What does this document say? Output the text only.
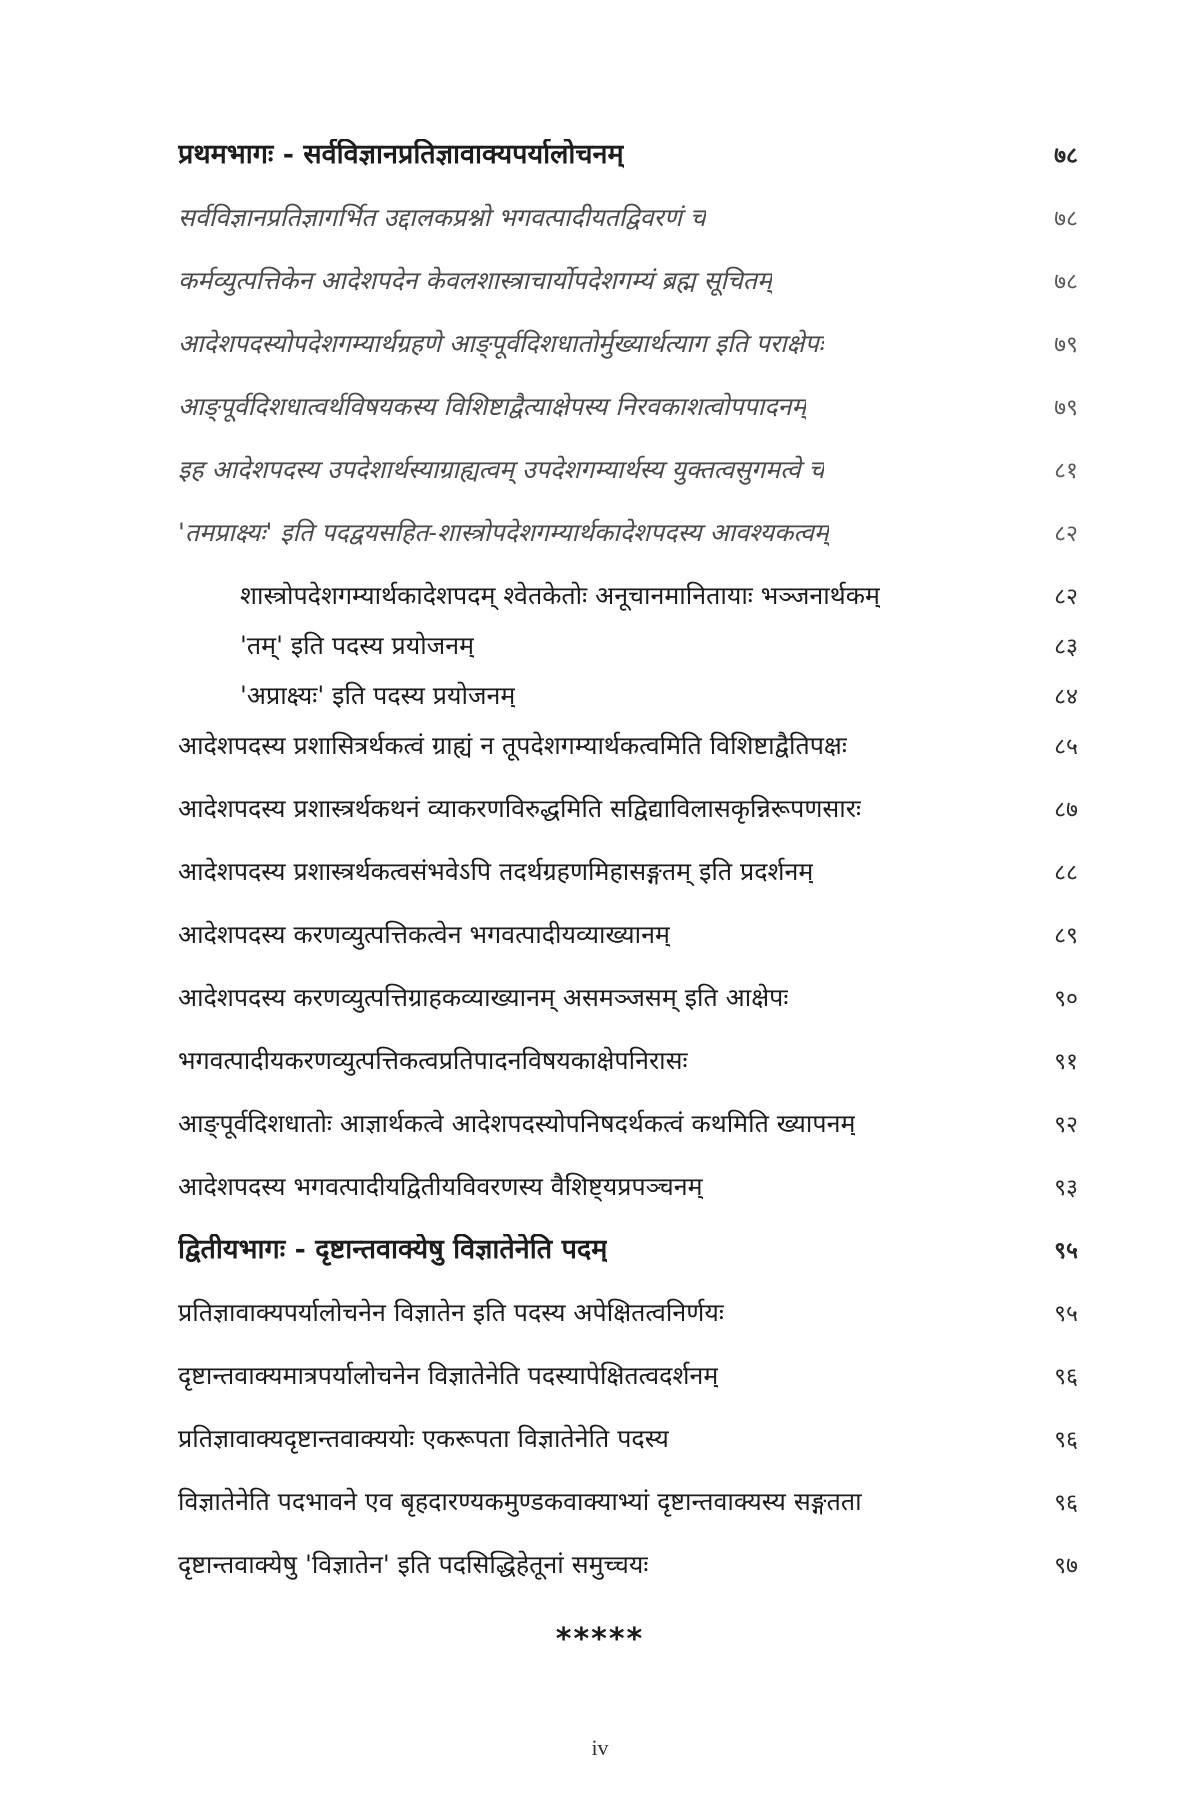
प्रथमभागः - सर्वविज्ञानप्रतिज्ञावाक्यपर्यालोचनम्	७८
सर्वविज्ञानप्रतिज्ञागर्भित उद्दालकप्रश्नो भगवत्पादीयतद्विवरणं च	७८
कर्मव्युत्पत्तिकेन आदेशपदेन केवलशास्त्राचार्योपदेशगम्यं ब्रह्म सूचितम्	७८
आदेशपदस्योपदेशगम्यार्थग्रहणे आङ्पूर्वदिशधातोर्मुख्यार्थत्याग इति पराक्षेपः	७९
आङ्पूर्वदिशधात्वर्थविषयकस्य विशिष्टाद्वैत्याक्षेपस्य निरवकाशत्वोपपादनम्	७९
इह आदेशपदस्य उपदेशार्थस्याग्राह्यत्वम् उपदेशगम्यार्थस्य युक्तत्वसुगमत्वे च	८१
'तमप्राक्ष्यः' इति पदद्वयसहित-शास्त्रोपदेशगम्यार्थकादेशपदस्य आवश्यकत्वम्	८२
शास्त्रोपदेशगम्यार्थकादेशपदम् श्वेतकेतोः अनूचानमानितायाः भञ्जनार्थकम्	८२
'तम्' इति पदस्य प्रयोजनम्	८३
'अप्राक्ष्यः' इति पदस्य प्रयोजनम्	८४
आदेशपदस्य प्रशासित्रर्थकत्वं ग्राह्यं न तूपदेशगम्यार्थकत्वमिति विशिष्टाद्वैतिपक्षः	८५
आदेशपदस्य प्रशास्त्रर्थकथनं व्याकरणविरुद्धमिति सद्विद्याविलासकृन्निरूपणसारः	८७
आदेशपदस्य प्रशास्त्रर्थकत्वसंभवेऽपि तदर्थग्रहणमिहासङ्गतम् इति प्रदर्शनम्	८८
आदेशपदस्य करणव्युत्पत्तिकत्वेन भगवत्पादीयव्याख्यानम्	८९
आदेशपदस्य करणव्युत्पत्तिग्राहकव्याख्यानम् असमञ्जसम् इति आक्षेपः	९०
भगवत्पादीयकरणव्युत्पत्तिकत्वप्रतिपादनविषयकाक्षेपनिरासः	९१
आङ्पूर्वदिशधातोः आज्ञार्थकत्वे आदेशपदस्योपनिषदर्थकत्वं कथमिति ख्यापनम्	९२
आदेशपदस्य भगवत्पादीयद्वितीयविवरणस्य वैशिष्ट्यप्रपञ्चनम्	९३
द्वितीयभागः - दृष्टान्तवाक्येषु विज्ञातेनेति पदम्	९५
प्रतिज्ञावाक्यपर्यालोचनेन विज्ञातेन इति पदस्य अपेक्षितत्वनिर्णयः	९५
दृष्टान्तवाक्यमात्रपर्यालोचनेन विज्ञातेनेति पदस्यापेक्षितत्वदर्शनम्	९६
प्रतिज्ञावाक्यदृष्टान्तवाक्ययोः एकरूपता विज्ञातेनेति पदस्य	९६
विज्ञातेनेति पदभावने एव बृहदारण्यकमुण्डकवाक्याभ्यां दृष्टान्तवाक्यस्य सङ्गतता	९६
दृष्टान्तवाक्येषु 'विज्ञातेन' इति पदसिद्धिहेतूनां समुच्चयः	९७
*****
iv
